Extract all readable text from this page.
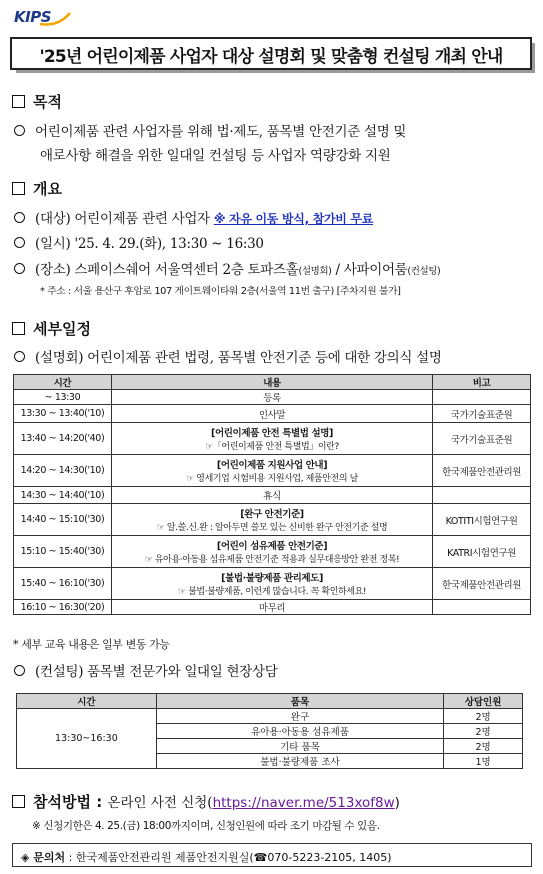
KIPS
'25년 어린이제품 사업자 대상 설명회 및 맞춤형 컨설팅 개최 안내
목적
어린이제품 관련 사업자를 위해 법·제도, 품목별 안전기준 설명 및
애로사항 해결을 위한 일대일 컨설팅 등 사업자 역량강화 지원
개요
(대상) 어린이제품 관련 사업자 ※ 자유 이동 방식, 참가비 무료
(일시) '25. 4. 29.(화), 13:30 ~ 16:30
(장소) 스페이스쉐어 서울역센터 2층 토파즈홀(설명회) / 사파이어룸(컨설팅)
* 주소 : 서울 용산구 후암로 107 게이트웨이타워 2층(서울역 11번 출구) [주차지원 불가]
세부일정
(설명회) 어린이제품 관련 법령, 품목별 안전기준 등에 대한 강의식 설명
시간	내용	비고
~ 13:30	등록	
13:30 ~ 13:40('10)	인사말	국가기술표준원
13:40 ~ 14:20('40)	[어린이제품 안전 특별법 설명]
☞「어린이제품 안전 특별법」이란?	국가기술표준원
14:20 ~ 14:30('10)	[어린이제품 지원사업 안내]
☞ 영세기업 시험비용 지원사업, 제품안전의 날	한국제품안전관리원
14:30 ~ 14:40('10)	휴식	
14:40 ~ 15:10('30)	[완구 안전기준]
☞ 알.쓸.신.완 : 알아두면 쓸모 있는 신비한 완구 안전기준 설명	KOTITI시험연구원
15:10 ~ 15:40('30)	[어린이 섬유제품 안전기준]
☞ 유아용·아동용 섬유제품 안전기준 적용과 실무대응방안 완전 정복!	KATRI시험연구원
15:40 ~ 16:10('30)	[불법·불량제품 관리제도]
☞ 불법·불량제품, 이런게 많습니다. 꼭 확인하세요!	한국제품안전관리원
16:10 ~ 16:30('20)	마무리	
* 세부 교육 내용은 일부 변동 가능
(컨설팅) 품목별 전문가와 일대일 현장상담
시간	품목	상담인원
13:30~16:30	완구	2명
	유아용·아동용 섬유제품	2명
	기타 품목	2명
	불법·불량제품 조사	1명
참석방법 : 온라인 사전 신청(https://naver.me/513xof8w)
※ 신청기한은 4. 25.(금) 18:00까지이며, 신청인원에 따라 조기 마감될 수 있음.
◈ 문의처 : 한국제품안전관리원 제품안전지원실(☎070-5223-2105, 1405)
